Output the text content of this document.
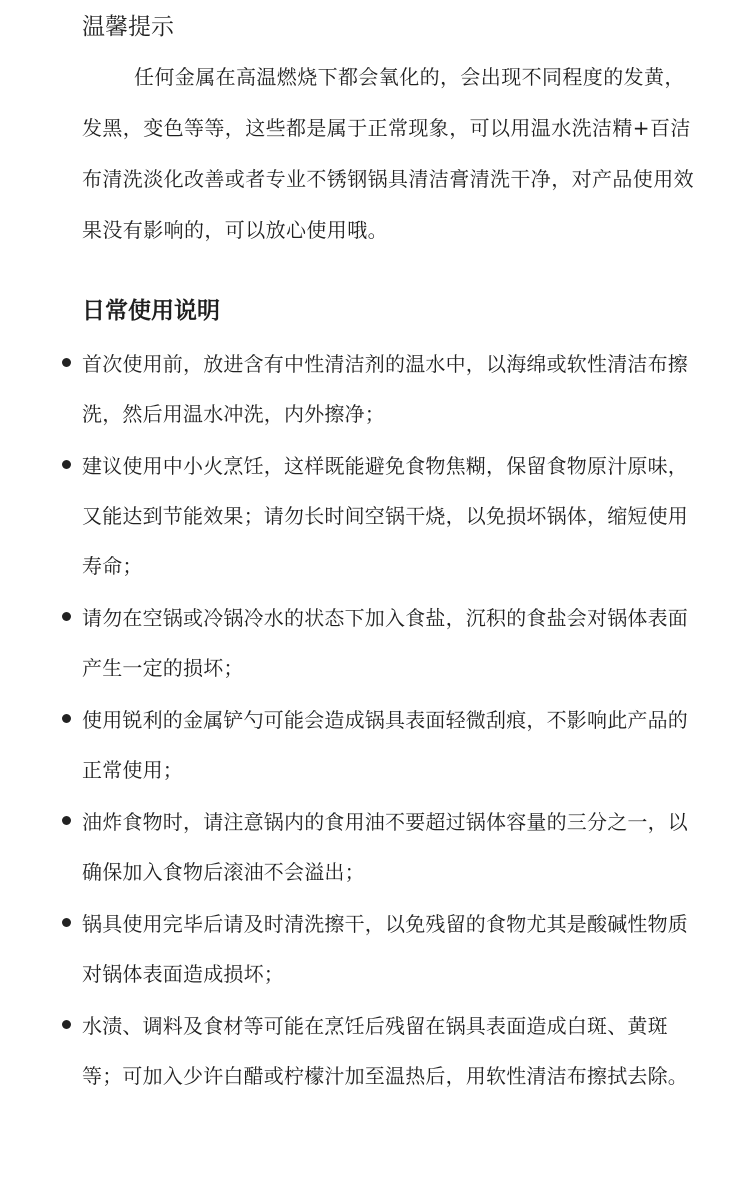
温馨提示

任何金属在高温燃烧下都会氧化的，会出现不同程度的发黄，发黑，变色等等，这些都是属于正常现象，可以用温水洗洁精+百洁布清洗淡化改善或者专业不锈钢锅具清洁膏清洗干净，对产品使用效果没有影响的，可以放心使用哦。

日常使用说明
首次使用前，放进含有中性清洁剂的温水中，以海绵或软性清洁布擦洗，然后用温水冲洗，内外擦净；
建议使用中小火烹饪，这样既能避免食物焦糊，保留食物原汁原味，又能达到节能效果；请勿长时间空锅干烧，以免损坏锅体，缩短使用寿命；
请勿在空锅或冷锅冷水的状态下加入食盐，沉积的食盐会对锅体表面产生一定的损坏；
使用锐利的金属铲勺可能会造成锅具表面轻微刮痕，不影响此产品的正常使用；
油炸食物时，请注意锅内的食用油不要超过锅体容量的三分之一，以确保加入食物后滚油不会溢出；
锅具使用完毕后请及时清洗擦干，以免残留的食物尤其是酸碱性物质对锅体表面造成损坏；
水渍、调料及食材等可能在烹饪后残留在锅具表面造成白斑、黄斑等；可加入少许白醋或柠檬汁加至温热后，用软性清洁布擦拭去除。
